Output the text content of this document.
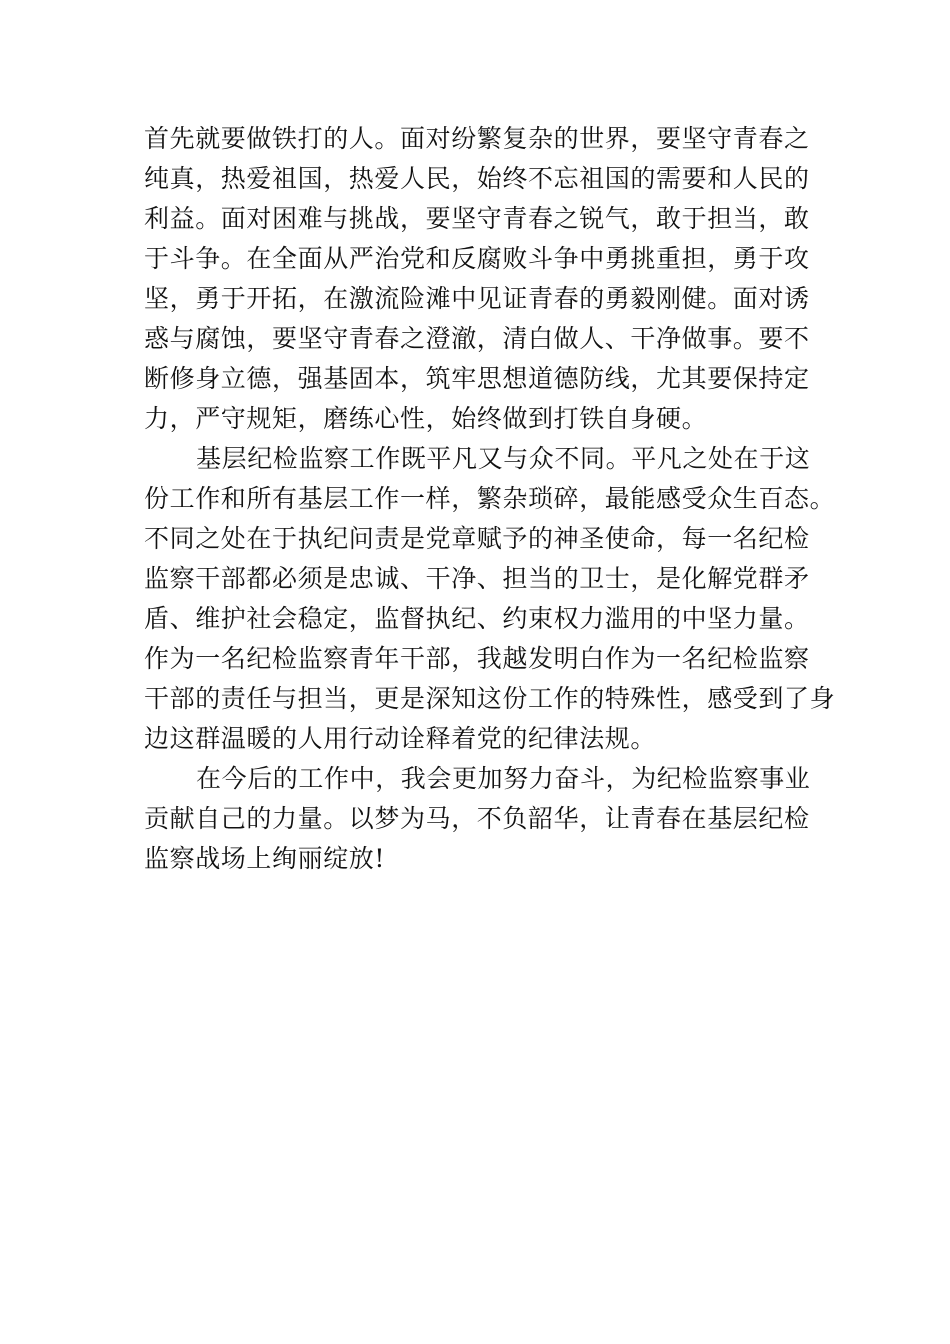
首先就要做铁打的人。面对纷繁复杂的世界，要坚守青春之
纯真，热爱祖国，热爱人民，始终不忘祖国的需要和人民的
利益。面对困难与挑战，要坚守青春之锐气，敢于担当，敢
于斗争。在全面从严治党和反腐败斗争中勇挑重担，勇于攻
坚，勇于开拓，在激流险滩中见证青春的勇毅刚健。面对诱
惑与腐蚀，要坚守青春之澄澈，清白做人、干净做事。要不
断修身立德，强基固本，筑牢思想道德防线，尤其要保持定
力，严守规矩，磨练心性，始终做到打铁自身硬。
基层纪检监察工作既平凡又与众不同。平凡之处在于这
份工作和所有基层工作一样，繁杂琐碎，最能感受众生百态。
不同之处在于执纪问责是党章赋予的神圣使命，每一名纪检
监察干部都必须是忠诚、干净、担当的卫士，是化解党群矛
盾、维护社会稳定，监督执纪、约束权力滥用的中坚力量。
作为一名纪检监察青年干部，我越发明白作为一名纪检监察
干部的责任与担当，更是深知这份工作的特殊性，感受到了身
边这群温暖的人用行动诠释着党的纪律法规。
在今后的工作中，我会更加努力奋斗，为纪检监察事业
贡献自己的力量。以梦为马，不负韶华，让青春在基层纪检
监察战场上绚丽绽放!
